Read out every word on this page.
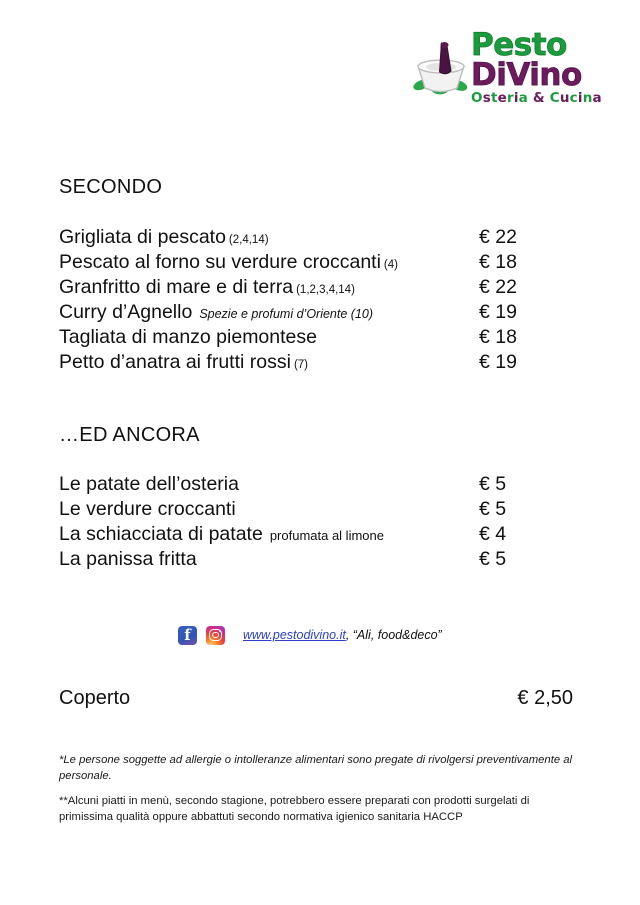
Pesto
DiVino
Osteria & Cucina
SECONDO
Grigliata di pescato (2,4,14)	€ 22
Pescato al forno su verdure croccanti (4)	€ 18
Granfritto di mare e di terra (1,2,3,4,14)	€ 22
Curry d’Agnello Spezie e profumi d’Oriente (10)	€ 19
Tagliata di manzo piemontese	€ 18
Petto d’anatra ai frutti rossi (7)	€ 19
…ED ANCORA
Le patate dell’osteria	€ 5
Le verdure croccanti	€ 5
La schiacciata di patate profumata al limone	€ 4
La panissa fritta	€ 5
f
www.pestodivino.it, “Ali, food&deco”
Coperto	€ 2,50
*Le persone soggette ad allergie o intolleranze alimentari sono pregate di rivolgersi preventivamente al personale.
**Alcuni piatti in menù, secondo stagione, potrebbero essere preparati con prodotti surgelati di primissima qualità oppure abbattuti secondo normativa igienico sanitaria HACCP
